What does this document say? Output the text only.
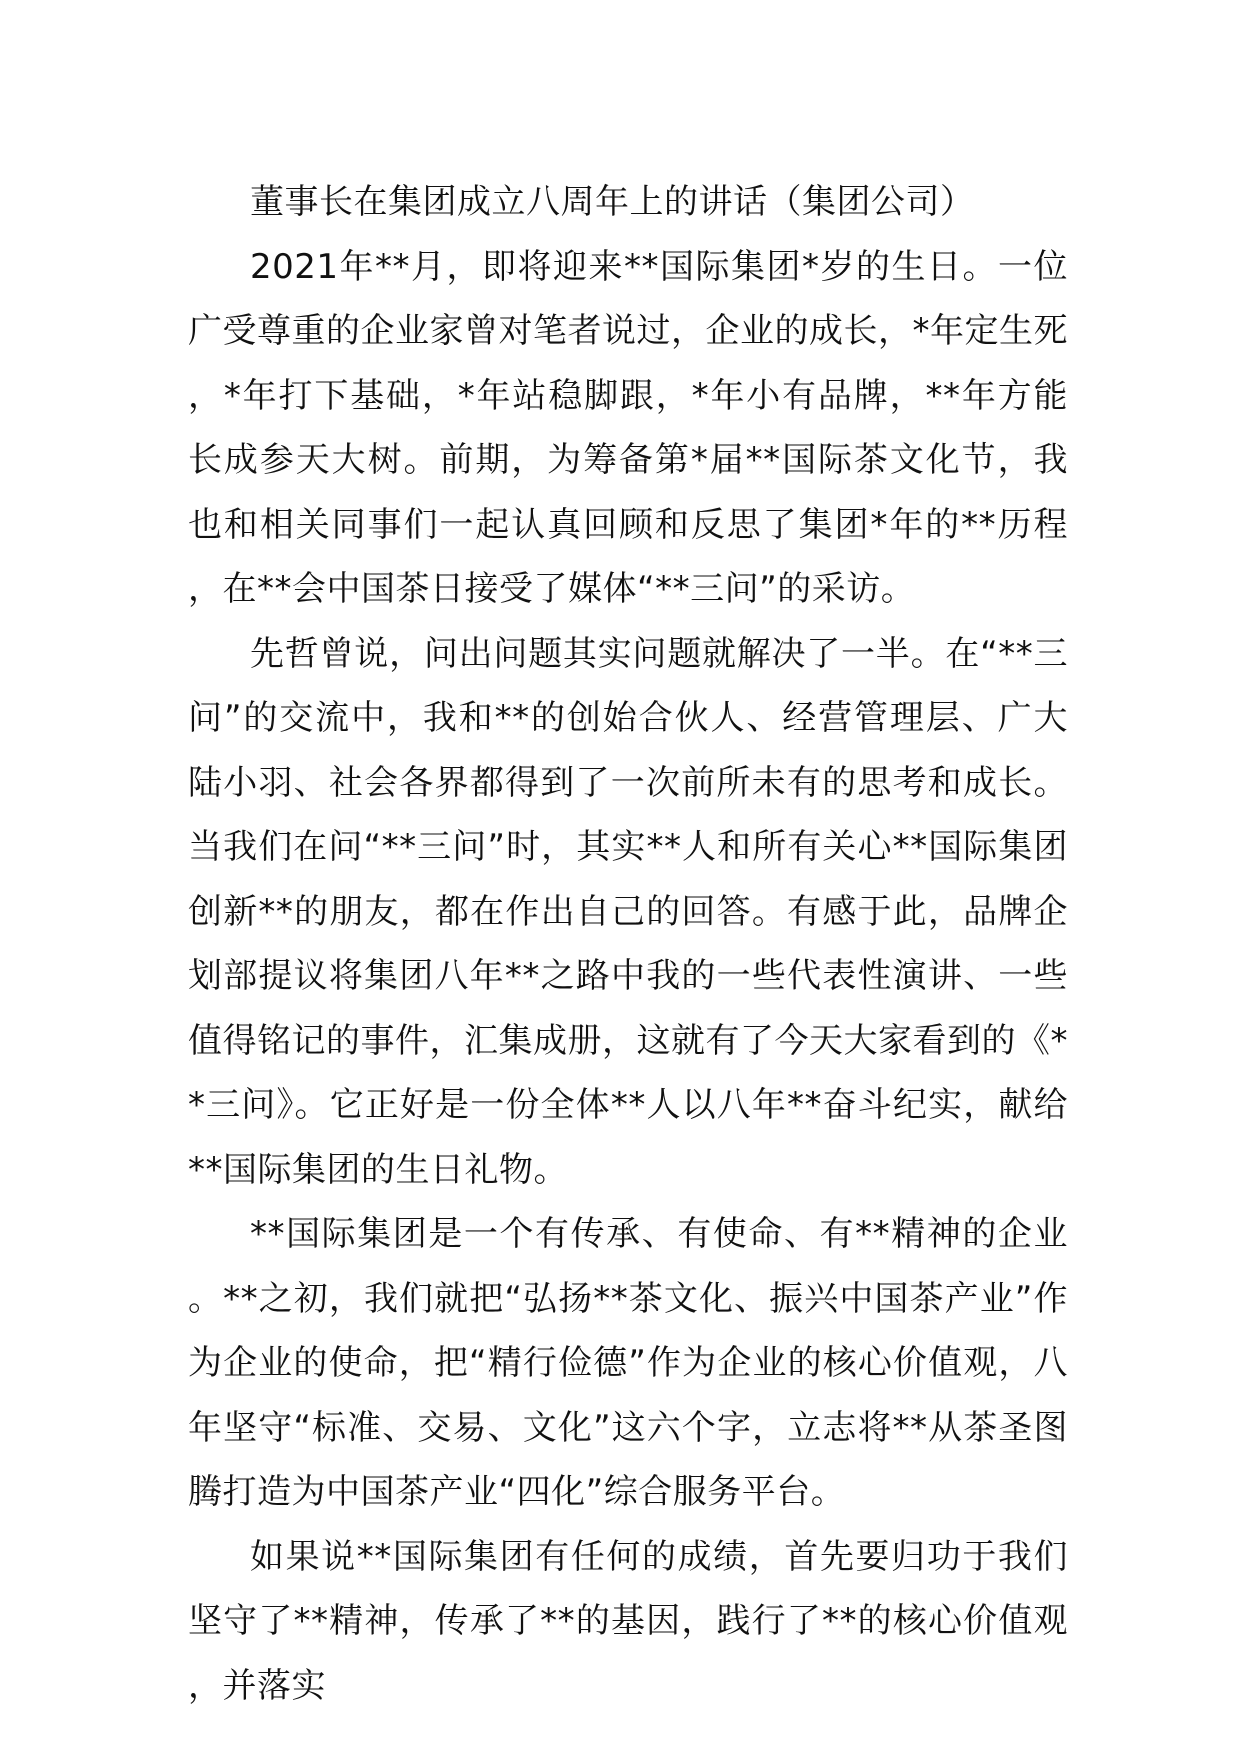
董事长在集团成立八周年上的讲话（集团公司）

2021年**月，即将迎来**国际集团*岁的生日。一位广受尊重的企业家曾对笔者说过，企业的成长，*年定生死，*年打下基础，*年站稳脚跟，*年小有品牌，**年方能长成参天大树。前期，为筹备第*届**国际茶文化节，我也和相关同事们一起认真回顾和反思了集团*年的**历程，在**会中国茶日接受了媒体“**三问”的采访。

先哲曾说，问出问题其实问题就解决了一半。在“**三问”的交流中，我和**的创始合伙人、经营管理层、广大陆小羽、社会各界都得到了一次前所未有的思考和成长。当我们在问“**三问”时，其实**人和所有关心**国际集团创新**的朋友，都在作出自己的回答。有感于此，品牌企划部提议将集团八年**之路中我的一些代表性演讲、一些值得铭记的事件，汇集成册，这就有了今天大家看到的《**三问》。它正好是一份全体**人以八年**奋斗纪实，献给**国际集团的生日礼物。

**国际集团是一个有传承、有使命、有**精神的企业。**之初，我们就把“弘扬**茶文化、振兴中国茶产业”作为企业的使命，把“精行俭德”作为企业的核心价值观，八年坚守“标准、交易、文化”这六个字，立志将**从茶圣图腾打造为中国茶产业“四化”综合服务平台。

如果说**国际集团有任何的成绩，首先要归功于我们坚守了**精神，传承了**的基因，践行了**的核心价值观，并落实
